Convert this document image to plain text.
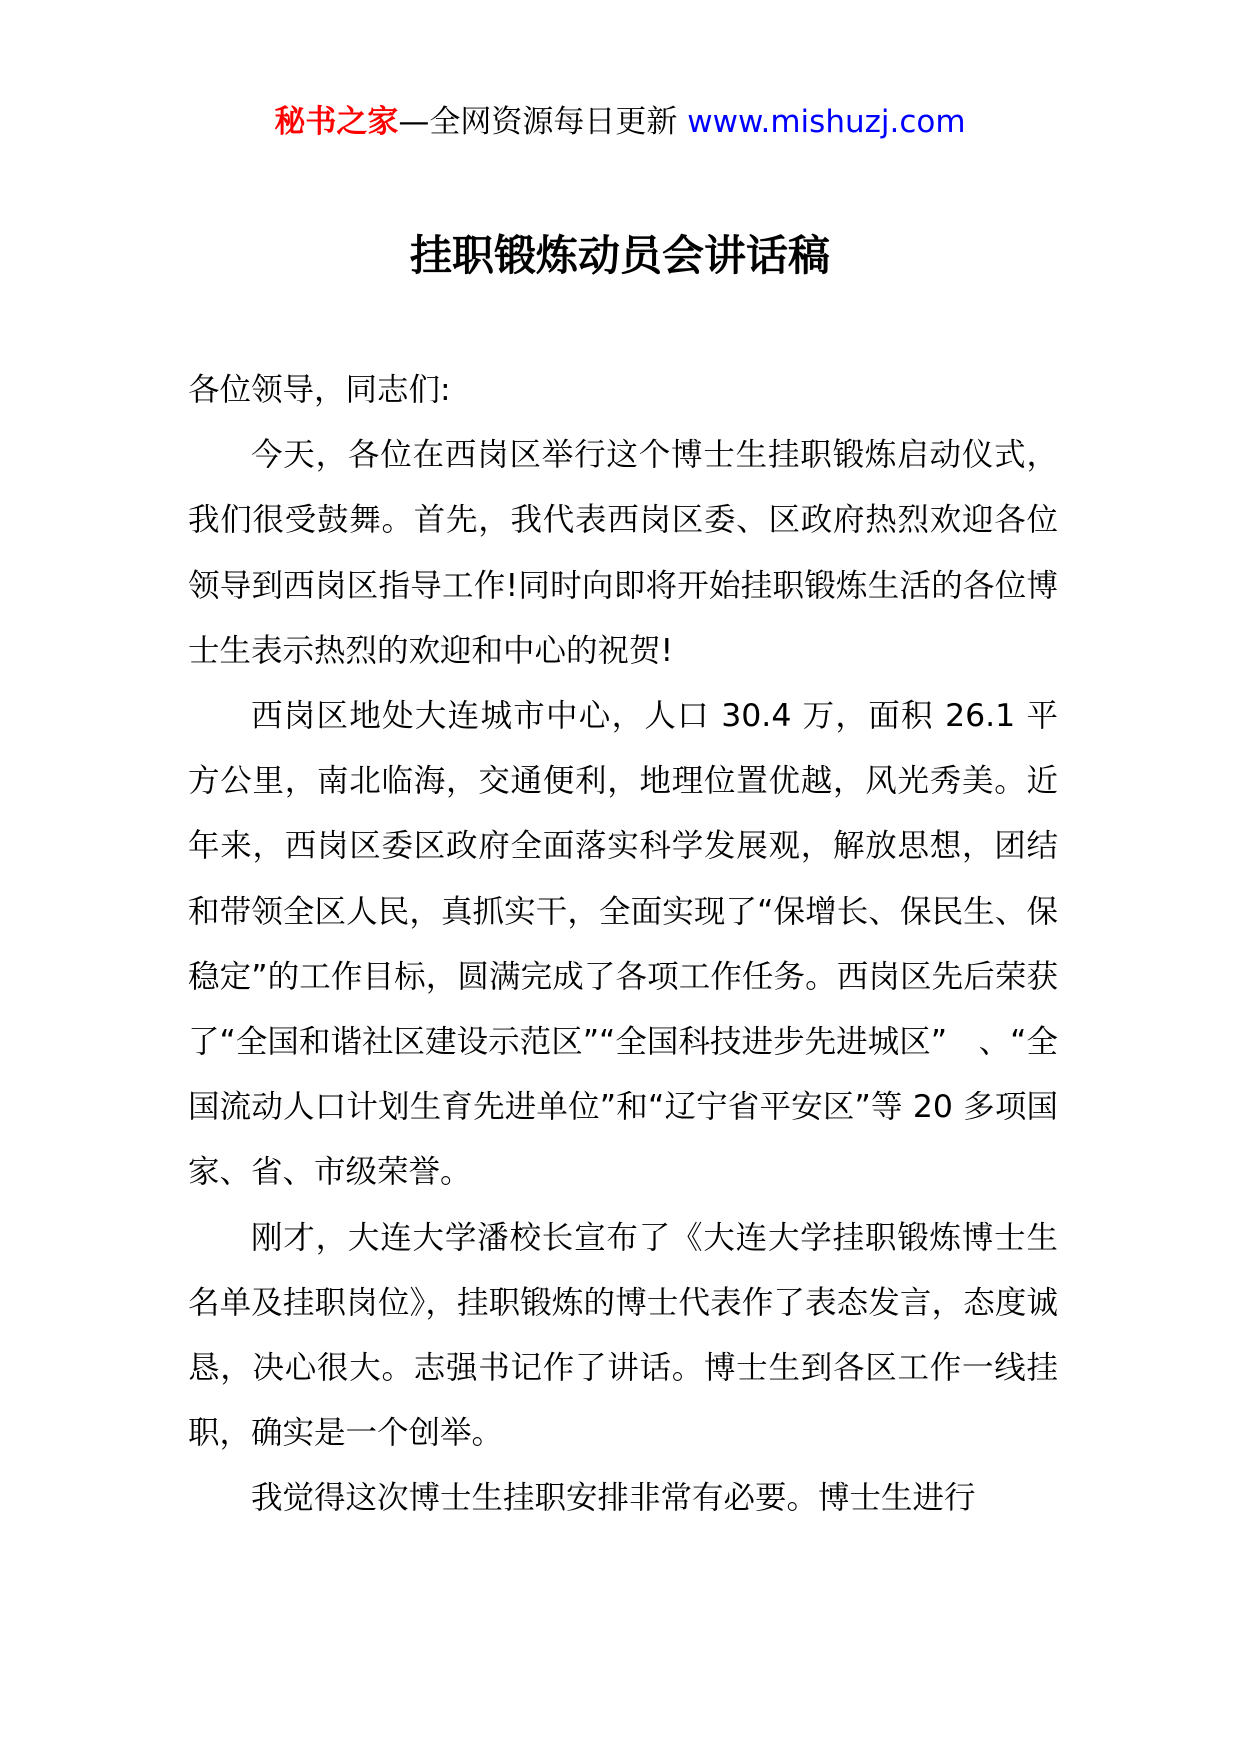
秘书之家—全网资源每日更新 www.mishuzj.com
挂职锻炼动员会讲话稿

各位领导，同志们:

今天，各位在西岗区举行这个博士生挂职锻炼启动仪式，我们很受鼓舞。首先，我代表西岗区委、区政府热烈欢迎各位领导到西岗区指导工作!同时向即将开始挂职锻炼生活的各位博士生表示热烈的欢迎和中心的祝贺!

西岗区地处大连城市中心，人口 30.4 万，面积 26.1 平方公里，南北临海，交通便利，地理位置优越，风光秀美。近年来，西岗区委区政府全面落实科学发展观，解放思想，团结和带领全区人民，真抓实干，全面实现了“保增长、保民生、保稳定”的工作目标，圆满完成了各项工作任务。西岗区先后荣获了“全国和谐社区建设示范区”“全国科技进步先进城区”　、“全国流动人口计划生育先进单位”和“辽宁省平安区”等 20 多项国家、省、市级荣誉。

刚才，大连大学潘校长宣布了《大连大学挂职锻炼博士生名单及挂职岗位》，挂职锻炼的博士代表作了表态发言，态度诚恳，决心很大。志强书记作了讲话。博士生到各区工作一线挂职，确实是一个创举。

我觉得这次博士生挂职安排非常有必要。博士生进行
